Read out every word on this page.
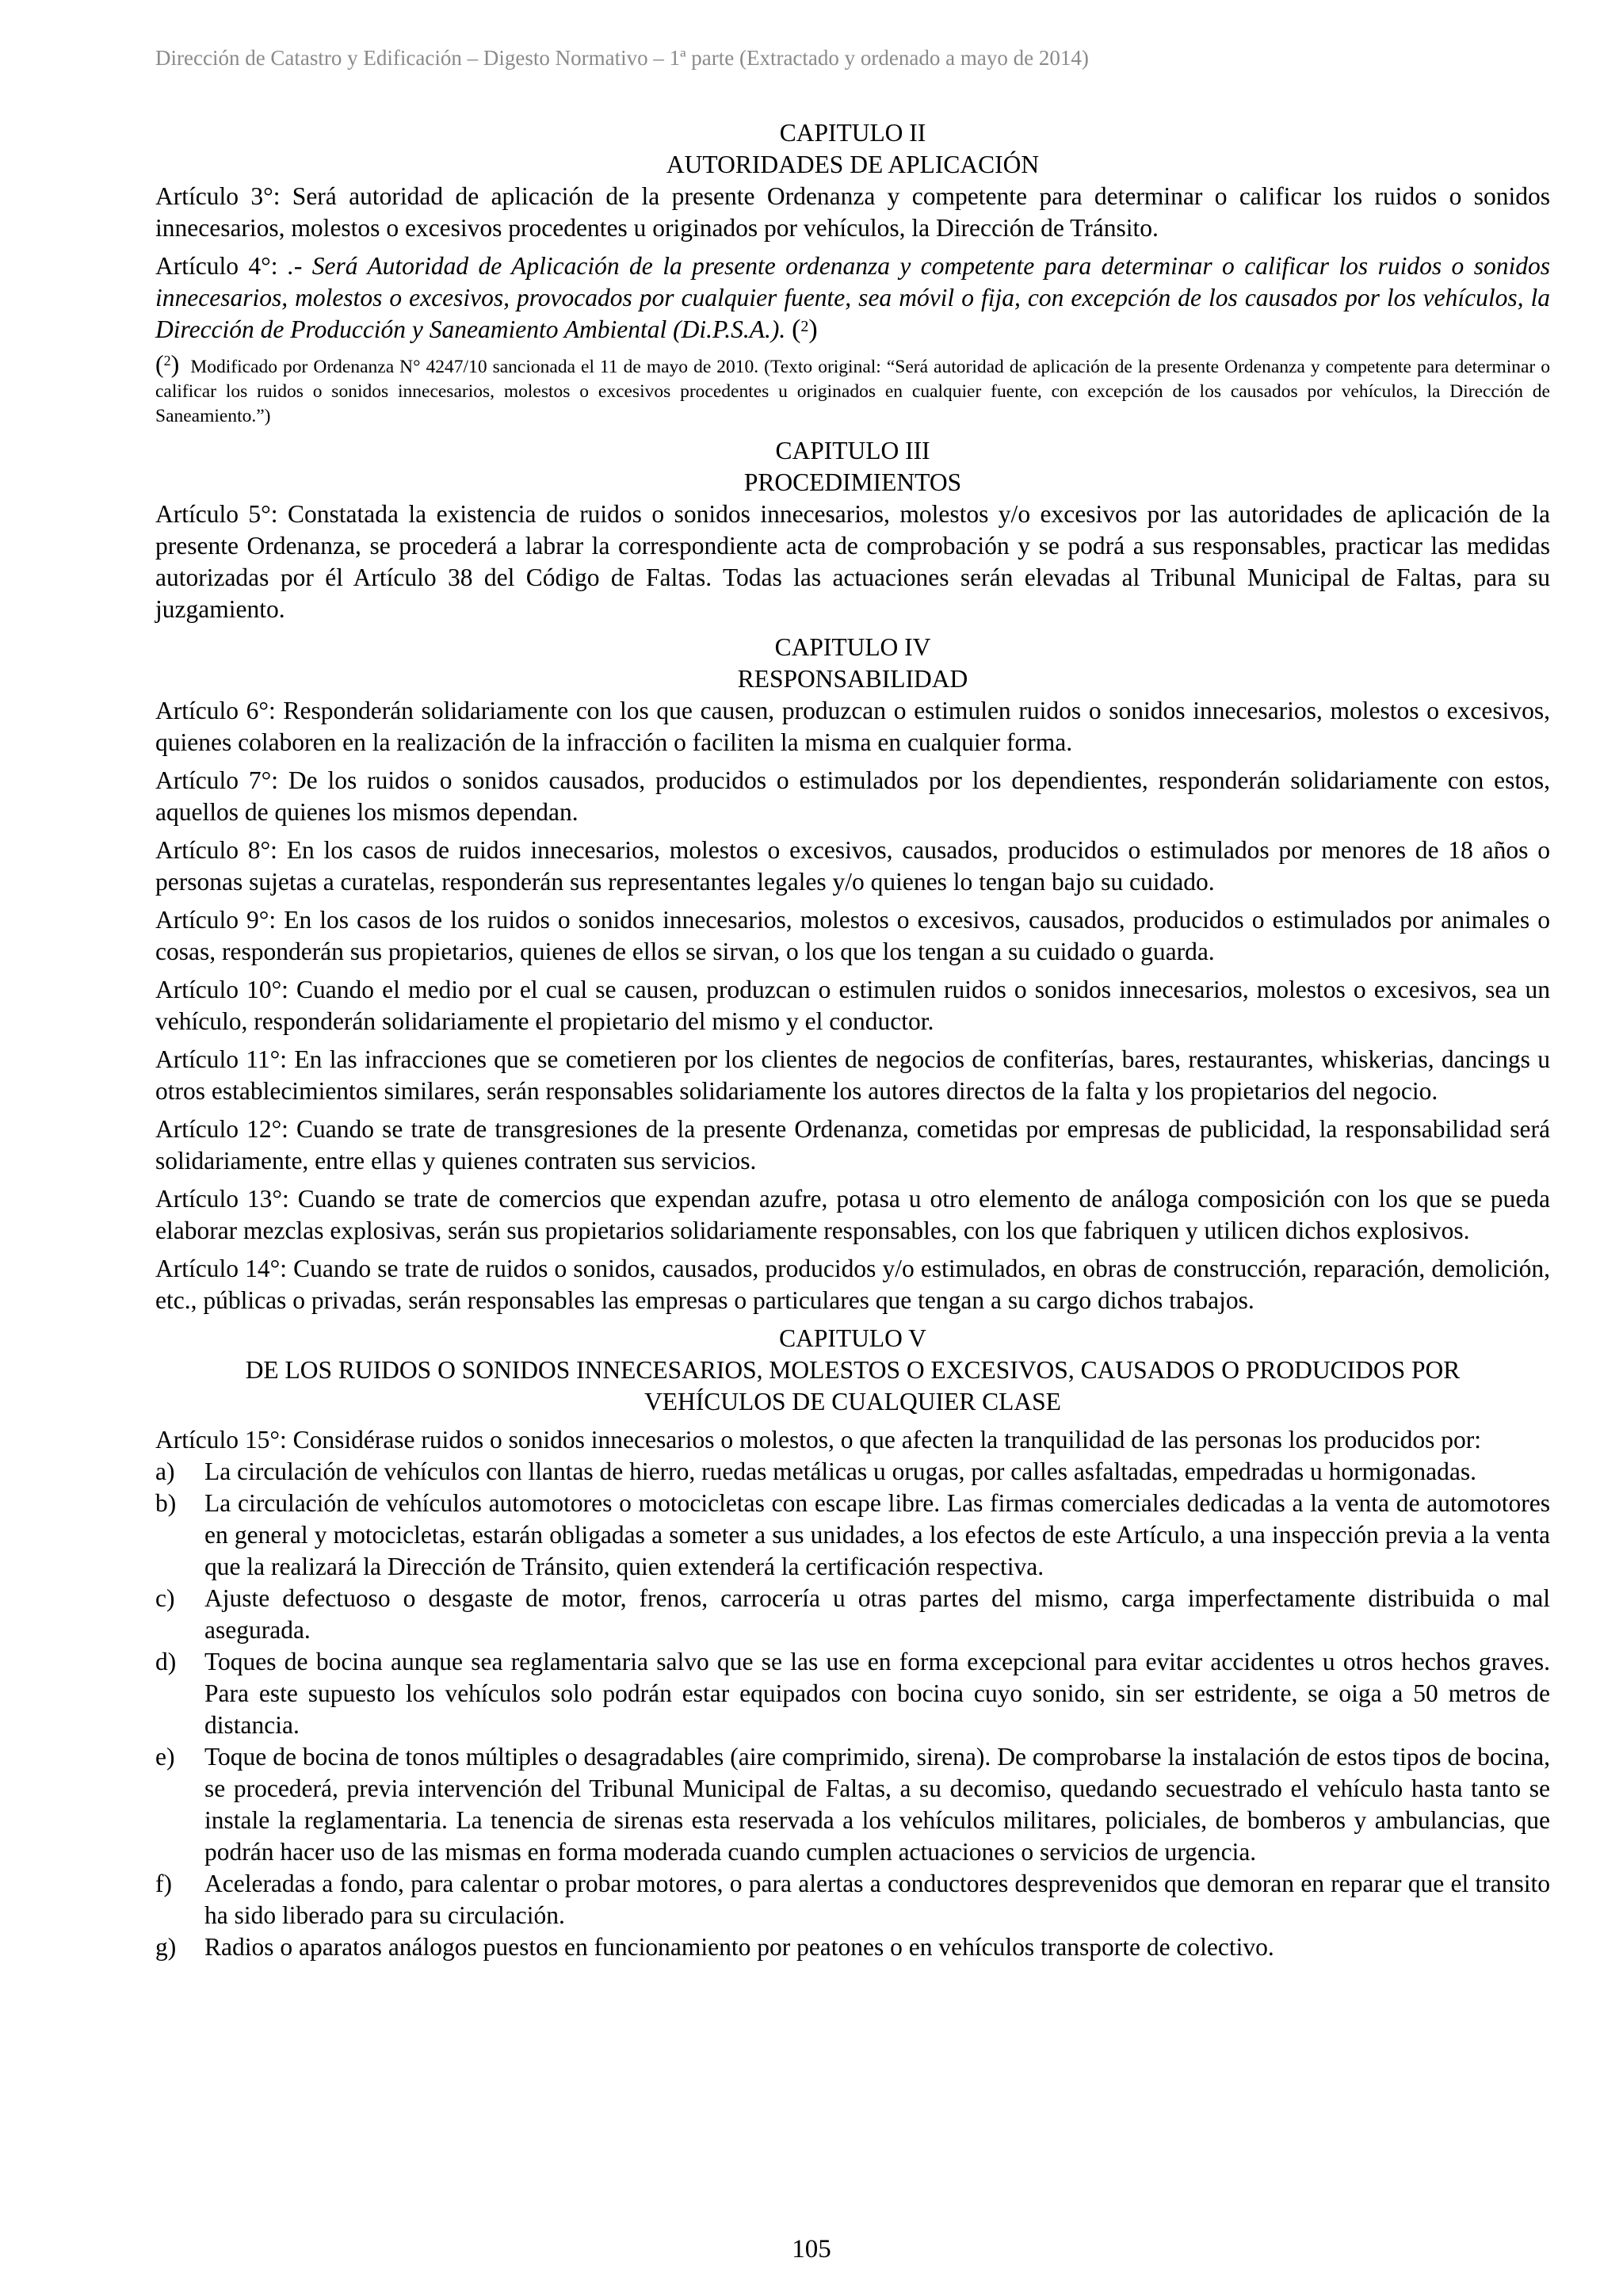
Dirección de Catastro y Edificación – Digesto Normativo – 1ª parte (Extractado y ordenado a mayo de 2014)

CAPITULO II

AUTORIDADES DE APLICACIÓN

Artículo 3°: Será autoridad de aplicación de la presente Ordenanza y competente para determinar o calificar los ruidos o sonidos innecesarios, molestos o excesivos procedentes u originados por vehículos, la Dirección de Tránsito.

Artículo 4°: .- Será Autoridad de Aplicación de la presente ordenanza y competente para determinar o calificar los ruidos o sonidos innecesarios, molestos o excesivos, provocados por cualquier fuente, sea móvil o fija, con excepción de los causados por los vehículos, la Dirección de Producción y Saneamiento Ambiental (Di.P.S.A.). ($^2$)

($^2$) Modificado por Ordenanza N° 4247/10 sancionada el 11 de mayo de 2010. (Texto original: “Será autoridad de aplicación de la presente Ordenanza y competente para determinar o calificar los ruidos o sonidos innecesarios, molestos o excesivos procedentes u originados en cualquier fuente, con excepción de los causados por vehículos, la Dirección de Saneamiento.”)

CAPITULO III

PROCEDIMIENTOS

Artículo 5°: Constatada la existencia de ruidos o sonidos innecesarios, molestos y/o excesivos por las autoridades de aplicación de la presente Ordenanza, se procederá a labrar la correspondiente acta de comprobación y se podrá a sus responsables, practicar las medidas autorizadas por él Artículo 38 del Código de Faltas. Todas las actuaciones serán elevadas al Tribunal Municipal de Faltas, para su juzgamiento.

CAPITULO IV

RESPONSABILIDAD

Artículo 6°: Responderán solidariamente con los que causen, produzcan o estimulen ruidos o sonidos innecesarios, molestos o excesivos, quienes colaboren en la realización de la infracción o faciliten la misma en cualquier forma.

Artículo 7°: De los ruidos o sonidos causados, producidos o estimulados por los dependientes, responderán solidariamente con estos, aquellos de quienes los mismos dependan.

Artículo 8°: En los casos de ruidos innecesarios, molestos o excesivos, causados, producidos o estimulados por menores de 18 años o personas sujetas a curatelas, responderán sus representantes legales y/o quienes lo tengan bajo su cuidado.

Artículo 9°: En los casos de los ruidos o sonidos innecesarios, molestos o excesivos, causados, producidos o estimulados por animales o cosas, responderán sus propietarios, quienes de ellos se sirvan, o los que los tengan a su cuidado o guarda.

Artículo 10°: Cuando el medio por el cual se causen, produzcan o estimulen ruidos o sonidos innecesarios, molestos o excesivos, sea un vehículo, responderán solidariamente el propietario del mismo y el conductor.

Artículo 11°: En las infracciones que se cometieren por los clientes de negocios de confiterías, bares, restaurantes, whiskerias, dancings u otros establecimientos similares, serán responsables solidariamente los autores directos de la falta y los propietarios del negocio.

Artículo 12°: Cuando se trate de transgresiones de la presente Ordenanza, cometidas por empresas de publicidad, la responsabilidad será solidariamente, entre ellas y quienes contraten sus servicios.

Artículo 13°: Cuando se trate de comercios que expendan azufre, potasa u otro elemento de análoga composición con los que se pueda elaborar mezclas explosivas, serán sus propietarios solidariamente responsables, con los que fabriquen y utilicen dichos explosivos.

Artículo 14°: Cuando se trate de ruidos o sonidos, causados, producidos y/o estimulados, en obras de construcción, reparación, demolición, etc., públicas o privadas, serán responsables las empresas o particulares que tengan a su cargo dichos trabajos.

CAPITULO V

DE LOS RUIDOS O SONIDOS INNECESARIOS, MOLESTOS O EXCESIVOS, CAUSADOS O PRODUCIDOS POR

VEHÍCULOS DE CUALQUIER CLASE

Artículo 15°: Considérase ruidos o sonidos innecesarios o molestos, o que afecten la tranquilidad de las personas los producidos por:

a)	La circulación de vehículos con llantas de hierro, ruedas metálicas u orugas, por calles asfaltadas, empedradas u hormigonadas.
b)	La circulación de vehículos automotores o motocicletas con escape libre. Las firmas comerciales dedicadas a la venta de automotores en general y motocicletas, estarán obligadas a someter a sus unidades, a los efectos de este Artículo, a una inspección previa a la venta que la realizará la Dirección de Tránsito, quien extenderá la certificación respectiva.
c)	Ajuste defectuoso o desgaste de motor, frenos, carrocería u otras partes del mismo, carga imperfectamente distribuida o mal asegurada.
d)	Toques de bocina aunque sea reglamentaria salvo que se las use en forma excepcional para evitar accidentes u otros hechos graves. Para este supuesto los vehículos solo podrán estar equipados con bocina cuyo sonido, sin ser estridente, se oiga a 50 metros de distancia.
e)	Toque de bocina de tonos múltiples o desagradables (aire comprimido, sirena). De comprobarse la instalación de estos tipos de bocina, se procederá, previa intervención del Tribunal Municipal de Faltas, a su decomiso, quedando secuestrado el vehículo hasta tanto se instale la reglamentaria. La tenencia de sirenas esta reservada a los vehículos militares, policiales, de bomberos y ambulancias, que podrán hacer uso de las mismas en forma moderada cuando cumplen actuaciones o servicios de urgencia.
f)	Aceleradas a fondo, para calentar o probar motores, o para alertas a conductores desprevenidos que demoran en reparar que el transito ha sido liberado para su circulación.
g)	Radios o aparatos análogos puestos en funcionamiento por peatones o en vehículos transporte de colectivo.
105
